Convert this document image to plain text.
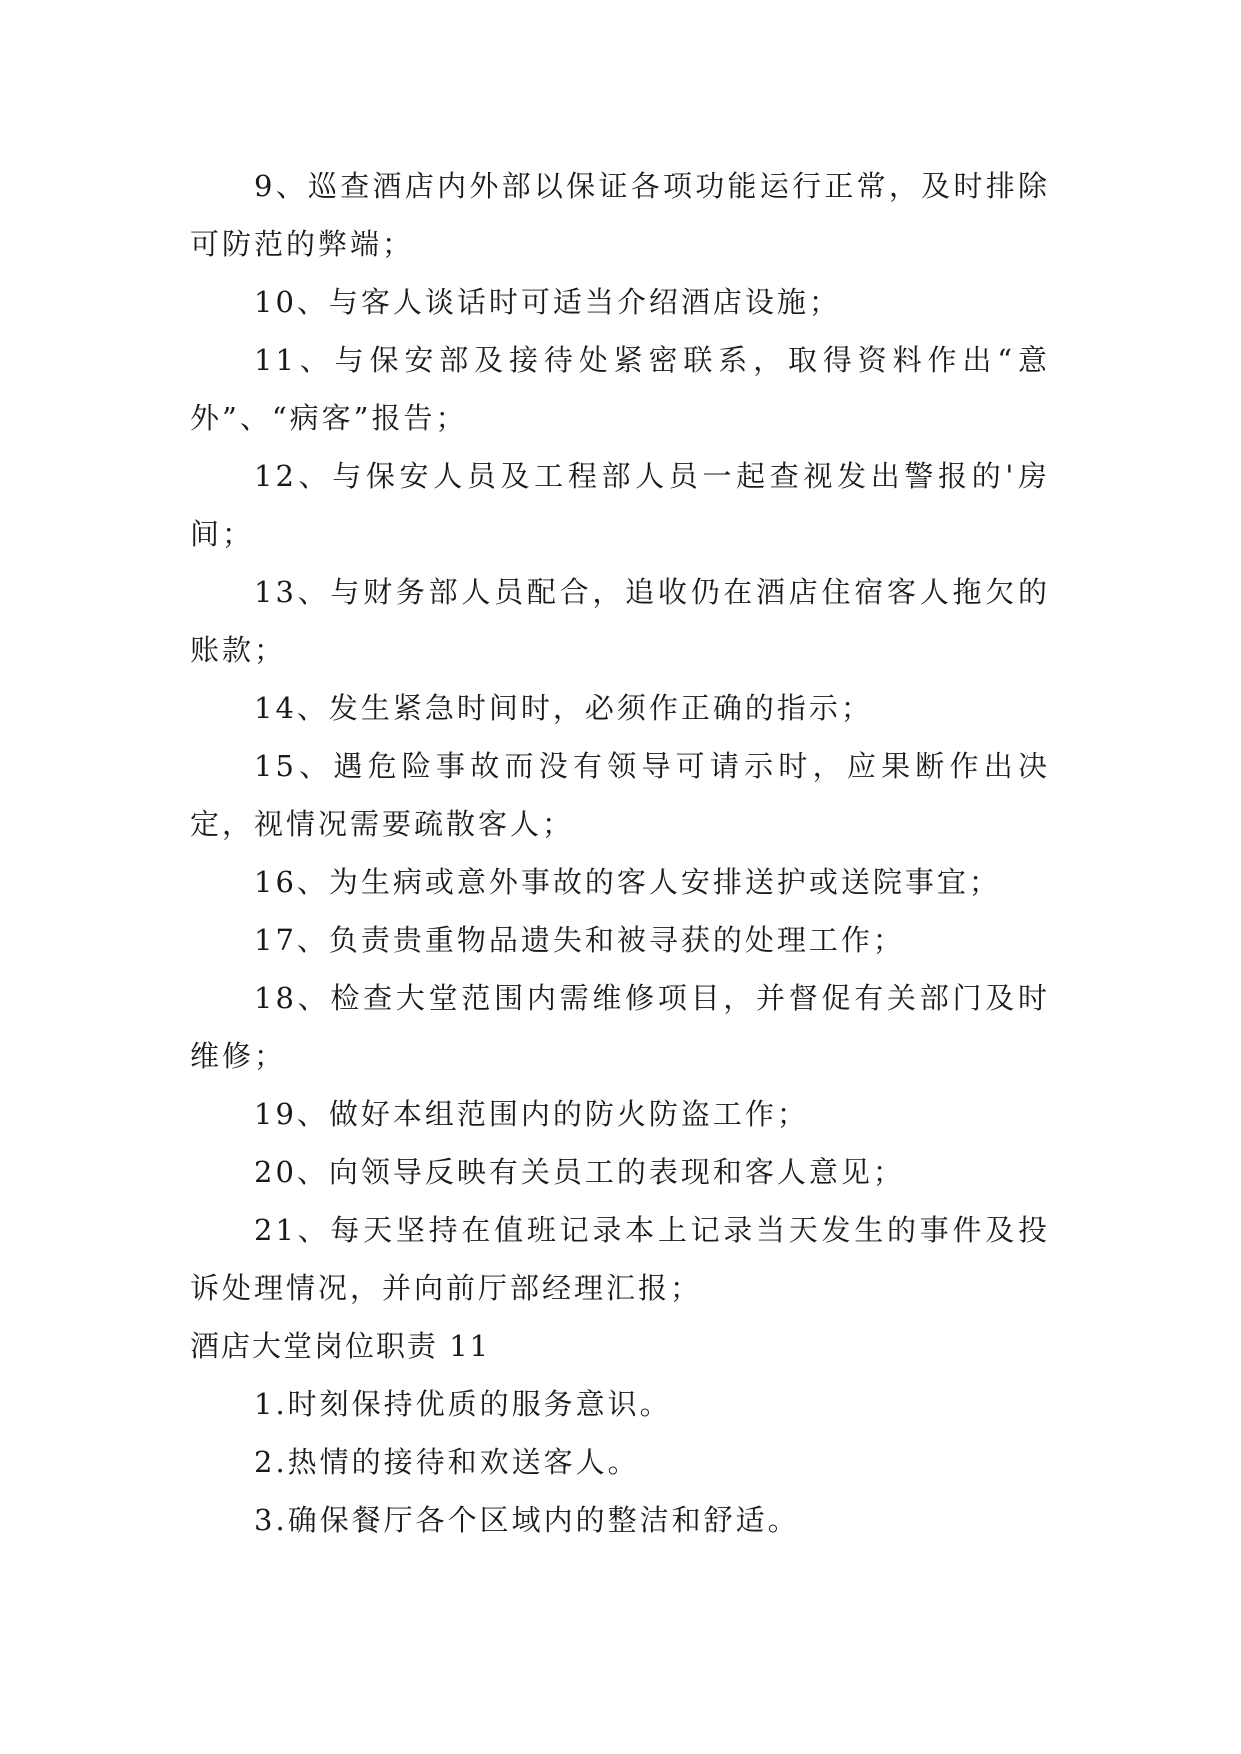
9、巡查酒店内外部以保证各项功能运行正常，及时排除可防范的弊端；

10、与客人谈话时可适当介绍酒店设施；

11、与保安部及接待处紧密联系，取得资料作出“意外”、“病客”报告；

12、与保安人员及工程部人员一起查视发出警报的'房间；

13、与财务部人员配合，追收仍在酒店住宿客人拖欠的账款；

14、发生紧急时间时，必须作正确的指示；

15、遇危险事故而没有领导可请示时，应果断作出决定，视情况需要疏散客人；

16、为生病或意外事故的客人安排送护或送院事宜；

17、负责贵重物品遗失和被寻获的处理工作；

18、检查大堂范围内需维修项目，并督促有关部门及时维修；

19、做好本组范围内的防火防盗工作；

20、向领导反映有关员工的表现和客人意见；

21、每天坚持在值班记录本上记录当天发生的事件及投诉处理情况，并向前厅部经理汇报；

酒店大堂岗位职责 11

1.时刻保持优质的服务意识。

2.热情的接待和欢送客人。

3.确保餐厅各个区域内的整洁和舒适。
